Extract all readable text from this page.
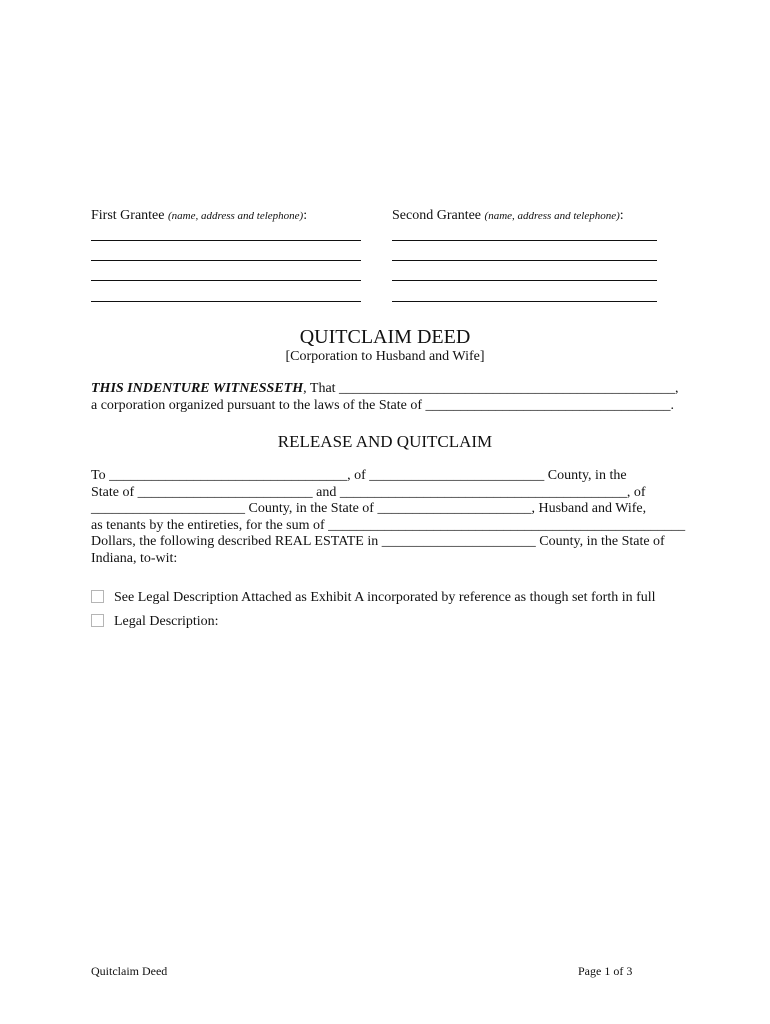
First Grantee (name, address and telephone):	Second Grantee (name, address and telephone):
QUITCLAIM DEED
[Corporation to Husband and Wife]
THIS INDENTURE WITNESSETH, That ________________________________________________,
a corporation organized pursuant to the laws of the State of ___________________________________.
RELEASE AND QUITCLAIM
To __________________________________, of _________________________ County, in the
State of _________________________ and _________________________________________, of
______________________ County, in the State of ______________________, Husband and Wife,
as tenants by the entireties, for the sum of ___________________________________________________
Dollars, the following described REAL ESTATE in ______________________ County, in the State of
Indiana, to-wit:
See Legal Description Attached as Exhibit A incorporated by reference as though set forth in full
Legal Description:
Quitclaim Deed	Page 1 of 3
